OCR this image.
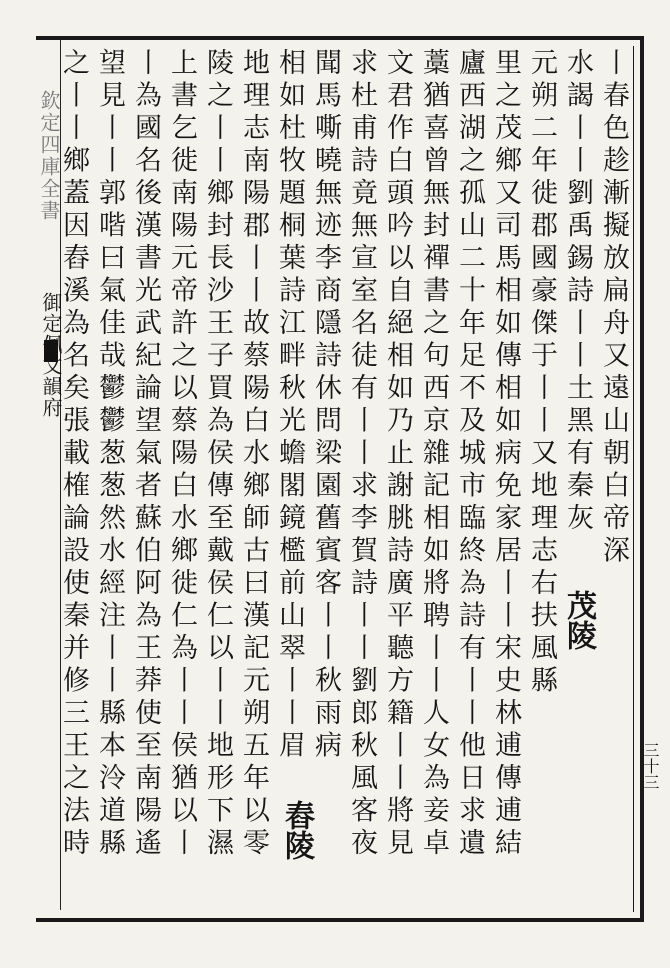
欽定四庫全書
御定佩文韻府
三十三
丨春色趁漸擬放扁舟又遠山朝白帝深
水謁丨丨劉禹錫詩丨丨土黑有秦灰
元朔二年徙郡國豪傑于丨丨又地理志右扶風縣
里之茂鄉又司馬相如傳相如病免家居丨丨宋史林逋傳逋結
廬西湖之孤山二十年足不及城市臨終為詩有丨丨他日求遺
藁猶喜曾無封禪書之句西京雜記相如將聘丨丨人女為妾卓
文君作白頭吟以自絕相如乃止謝朓詩廣平聽方籍丨丨將見
求杜甫詩竟無宣室名徒有丨丨求李賀詩丨丨劉郎秋風客夜
聞馬嘶曉無迹李商隱詩休問梁園舊賓客丨丨秋雨病
相如杜牧題桐葉詩江畔秋光蟾閣鏡檻前山翠丨丨眉
地理志南陽郡丨丨故蔡陽白水鄉師古曰漢記元朔五年以零
陵之丨丨鄉封長沙王子買為侯傳至戴侯仁以丨丨地形下濕
上書乞徙南陽元帝許之以蔡陽白水鄉徙仁為丨丨侯猶以丨
丨為國名後漢書光武紀論望氣者蘇伯阿為王莽使至南陽遙
望見丨丨郭喈曰氣佳哉鬱鬱葱葱然水經注丨丨縣本泠道縣
之丨丨鄉蓋因舂溪為名矣張載榷論設使秦并修三王之法時	茂陵
舂陵
